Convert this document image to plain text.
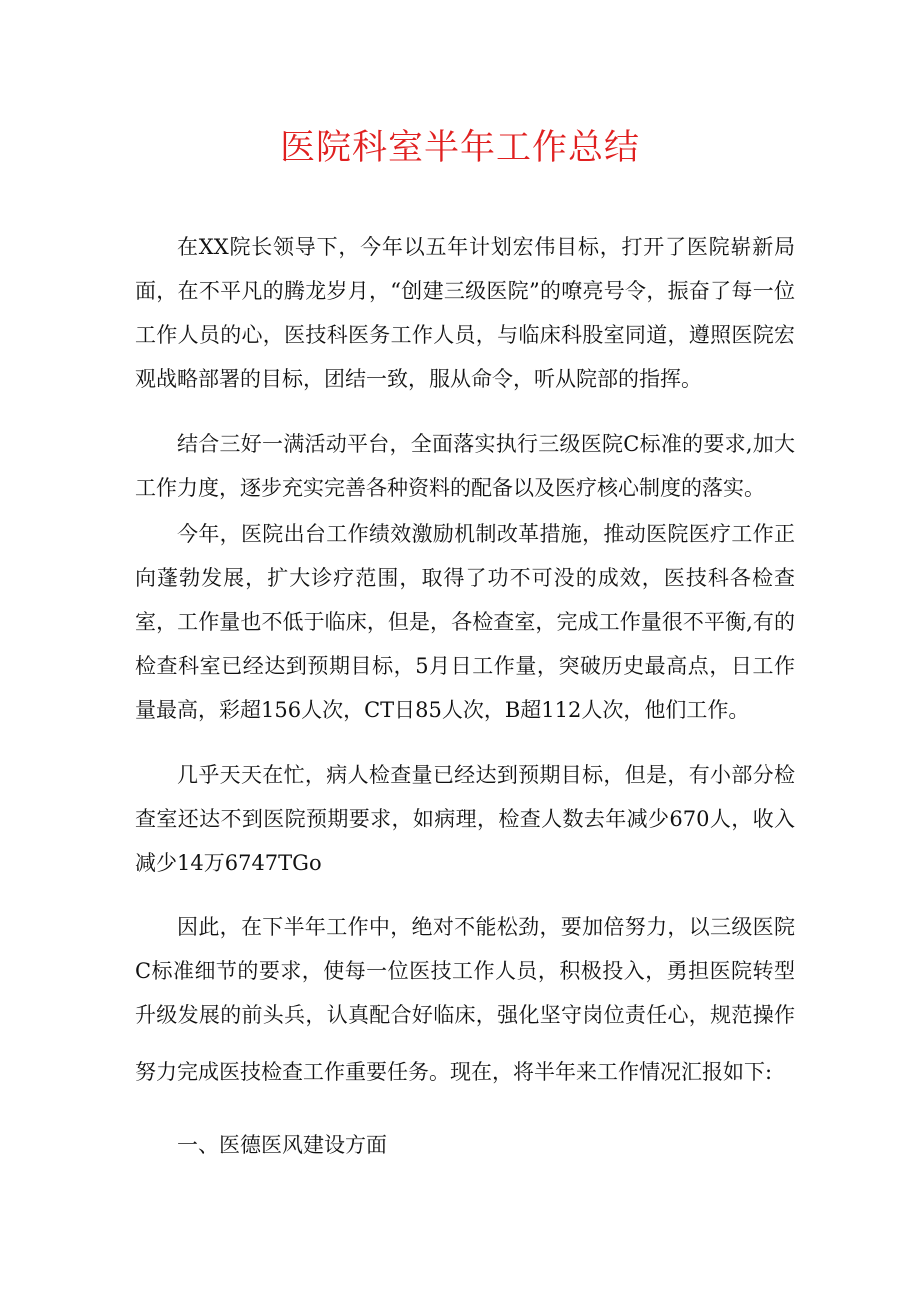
医院科室半年工作总结

在XX院长领导下，今年以五年计划宏伟目标，打开了医院崭新局面，在不平凡的腾龙岁月，“创建三级医院”的嘹亮号令，振奋了每一位工作人员的心，医技科医务工作人员，与临床科股室同道，遵照医院宏观战略部署的目标，团结一致，服从命令，听从院部的指挥。

结合三好一满活动平台，全面落实执行三级医院C标准的要求,加大工作力度，逐步充实完善各种资料的配备以及医疗核心制度的落实。

今年，医院出台工作绩效激励机制改革措施，推动医院医疗工作正向蓬勃发展，扩大诊疗范围，取得了功不可没的成效，医技科各检查室，工作量也不低于临床，但是，各检查室，完成工作量很不平衡,有的检查科室已经达到预期目标，5月日工作量，突破历史最高点，日工作量最高，彩超156人次，CT日85人次，B超112人次，他们工作。

几乎天天在忙，病人检查量已经达到预期目标，但是，有小部分检查室还达不到医院预期要求，如病理，检查人数去年减少670人，收入减少14万6747TGo

因此，在下半年工作中，绝对不能松劲，要加倍努力，以三级医院C标准细节的要求，使每一位医技工作人员，积极投入，勇担医院转型升级发展的前头兵，认真配合好临床，强化坚守岗位责任心，规范操作

努力完成医技检查工作重要任务。现在，将半年来工作情况汇报如下:

一、医德医风建设方面
